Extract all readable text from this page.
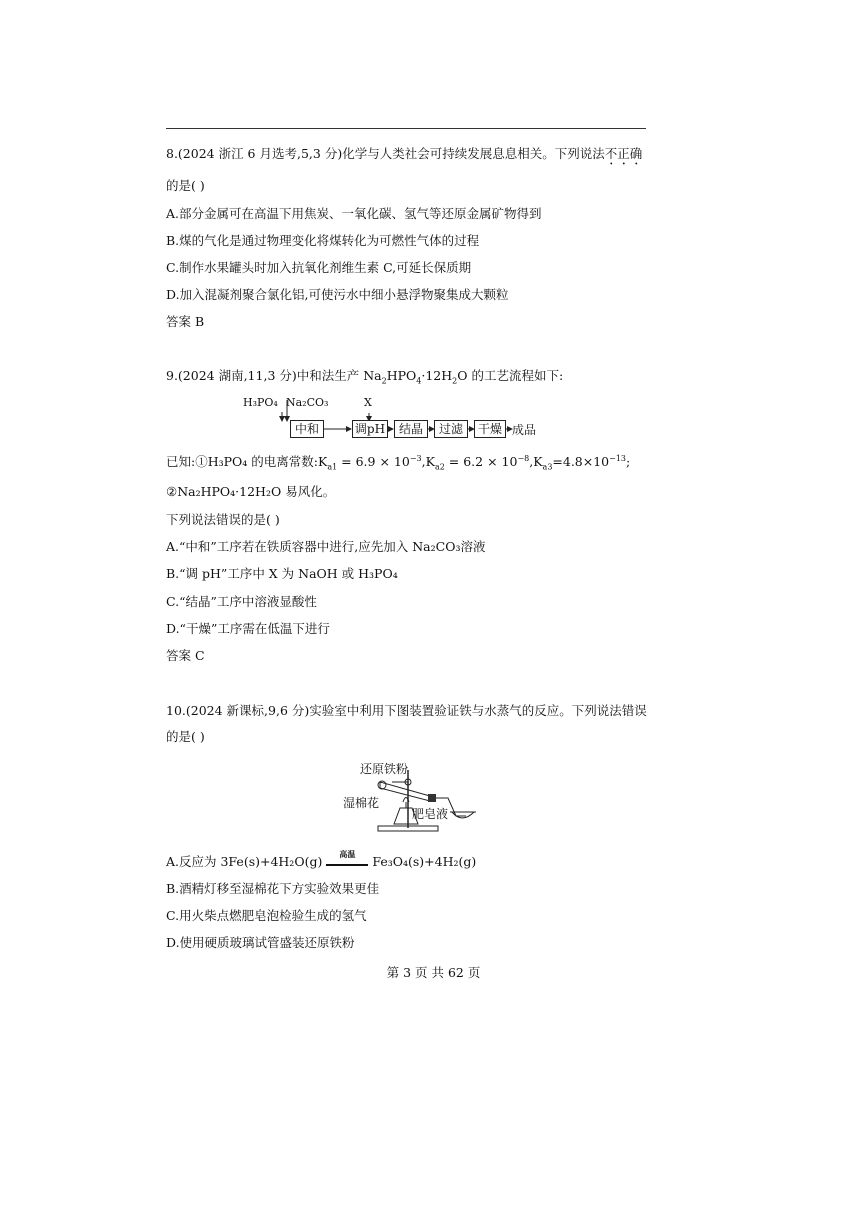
8.(2024 浙江 6 月选考,5,3 分)化学与人类社会可持续发展息息相关。下列说法不正确
的是( )
A.部分金属可在高温下用焦炭、一氧化碳、氢气等还原金属矿物得到
B.煤的气化是通过物理变化将煤转化为可燃性气体的过程
C.制作水果罐头时加入抗氧化剂维生素 C,可延长保质期
D.加入混凝剂聚合氯化铝,可使污水中细小悬浮物聚集成大颗粒
答案 B
9.(2024 湖南,11,3 分)中和法生产 $Na_2HPO_4\cdot 12H_2O$ 的工艺流程如下:
H₃PO₄ Na₂CO₃	X
中和	调pH	结晶	过滤	干燥 成品
已知:①H₃PO₄ 的电离常数$:K_{a1} = 6.9 \times 10^{-3},K_{a2} = 6.2 \times 10^{-8},K_{a3}=4.8\times 10^{-13}$;
②Na₂HPO₄·12H₂O 易风化。
下列说法错误的是( )
A.“中和”工序若在铁质容器中进行,应先加入 Na₂CO₃溶液
B.“调 pH”工序中 X 为 NaOH 或 H₃PO₄
C.“结晶”工序中溶液显酸性
D.“干燥”工序需在低温下进行
答案 C
10.(2024 新课标,9,6 分)实验室中利用下图装置验证铁与水蒸气的反应。下列说法错误
的是( )
还原铁粉
湿棉花
肥皂液
A.反应为 3Fe(s)+4H₂O(g)
高温
Fe₃O₄(s)+4H₂(g)
B.酒精灯移至湿棉花下方实验效果更佳
C.用火柴点燃肥皂泡检验生成的氢气
D.使用硬质玻璃试管盛装还原铁粉
第 3 页 共 62 页
